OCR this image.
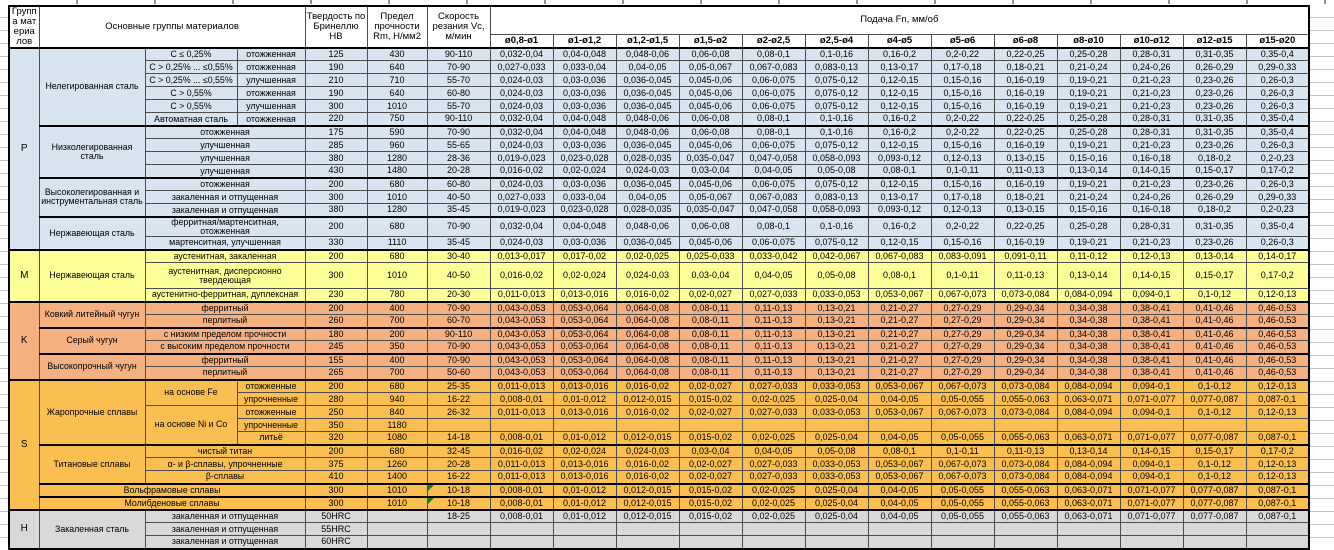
Группа материалов	Основные группы материалов			Твердость по Бринеллю HB	Предел прочности Rm, Н/мм2	Скорость резания Vc, м/мин	Подача Fn, мм/об												
							ø0,8-ø1	ø1-ø1,2	ø1,2-ø1,5	ø1,5-ø2	ø2-ø2,5	ø2,5-ø4	ø4-ø5	ø5-ø6	ø6-ø8	ø8-ø10	ø10-ø12	ø12-ø15	ø15-ø20
P	Нелегированная сталь	C ≤ 0,25%	отожженная	125	430	90-110	0,032-0,04	0,04-0,048	0,048-0,06	0,06-0,08	0,08-0,1	0,1-0,16	0,16-0,2	0,2-0,22	0,22-0,25	0,25-0,28	0,28-0,31	0,31-0,35	0,35-0,4
		C > 0,25% ... ≤0,55%	отожженная	190	640	70-90	0,027-0,033	0,033-0,04	0,04-0,05	0,05-0,067	0,067-0,083	0,083-0,13	0,13-0,17	0,17-0,18	0,18-0,21	0,21-0,24	0,24-0,26	0,26-0,29	0,29-0,33
		C > 0,25% ... ≤0,55%	улучшенная	210	710	55-70	0,024-0,03	0,03-0,036	0,036-0,045	0,045-0,06	0,06-0,075	0,075-0,12	0,12-0,15	0,15-0,16	0,16-0,19	0,19-0,21	0,21-0,23	0,23-0,26	0,26-0,3
		C > 0,55%	отожженная	190	640	60-80	0,024-0,03	0,03-0,036	0,036-0,045	0,045-0,06	0,06-0,075	0,075-0,12	0,12-0,15	0,15-0,16	0,16-0,19	0,19-0,21	0,21-0,23	0,23-0,26	0,26-0,3
		C > 0,55%	улучшенная	300	1010	55-70	0,024-0,03	0,03-0,036	0,036-0,045	0,045-0,06	0,06-0,075	0,075-0,12	0,12-0,15	0,15-0,16	0,16-0,19	0,19-0,21	0,21-0,23	0,23-0,26	0,26-0,3
		Автоматная сталь	отожженная	220	750	90-110	0,032-0,04	0,04-0,048	0,048-0,06	0,06-0,08	0,08-0,1	0,1-0,16	0,16-0,2	0,2-0,22	0,22-0,25	0,25-0,28	0,28-0,31	0,31-0,35	0,35-0,4
	Низколегированная сталь	отожженная		175	590	70-90	0,032-0,04	0,04-0,048	0,048-0,06	0,06-0,08	0,08-0,1	0,1-0,16	0,16-0,2	0,2-0,22	0,22-0,25	0,25-0,28	0,28-0,31	0,31-0,35	0,35-0,4
		улучшенная		285	960	55-65	0,024-0,03	0,03-0,036	0,036-0,045	0,045-0,06	0,06-0,075	0,075-0,12	0,12-0,15	0,15-0,16	0,16-0,19	0,19-0,21	0,21-0,23	0,23-0,26	0,26-0,3
		улучшенная		380	1280	28-36	0,019-0,023	0,023-0,028	0,028-0,035	0,035-0,047	0,047-0,058	0,058-0,093	0,093-0,12	0,12-0,13	0,13-0,15	0,15-0,16	0,16-0,18	0,18-0,2	0,2-0,23
		улучшенная		430	1480	20-28	0,016-0,02	0,02-0,024	0,024-0,03	0,03-0,04	0,04-0,05	0,05-0,08	0,08-0,1	0,1-0,11	0,11-0,13	0,13-0,14	0,14-0,15	0,15-0,17	0,17-0,2
	Высоколегированная и инструментальная сталь	отожженная		200	680	60-80	0,024-0,03	0,03-0,036	0,036-0,045	0,045-0,06	0,06-0,075	0,075-0,12	0,12-0,15	0,15-0,16	0,16-0,19	0,19-0,21	0,21-0,23	0,23-0,26	0,26-0,3
		закаленная и отпущенная		300	1010	40-50	0,027-0,033	0,033-0,04	0,04-0,05	0,05-0,067	0,067-0,083	0,083-0,13	0,13-0,17	0,17-0,18	0,18-0,21	0,21-0,24	0,24-0,26	0,26-0,29	0,29-0,33
		закаленная и отпущенная		380	1280	35-45	0,019-0,023	0,023-0,028	0,028-0,035	0,035-0,047	0,047-0,058	0,058-0,093	0,093-0,12	0,12-0,13	0,13-0,15	0,15-0,16	0,16-0,18	0,18-0,2	0,2-0,23
	Нержавеющая сталь	ферритная/мартенситная, отожженная		200	680	70-90	0,032-0,04	0,04-0,048	0,048-0,06	0,06-0,08	0,08-0,1	0,1-0,16	0,16-0,2	0,2-0,22	0,22-0,25	0,25-0,28	0,28-0,31	0,31-0,35	0,35-0,4
		мартенситная, улучшенная		330	1110	35-45	0,024-0,03	0,03-0,036	0,036-0,045	0,045-0,06	0,06-0,075	0,075-0,12	0,12-0,15	0,15-0,16	0,16-0,19	0,19-0,21	0,21-0,23	0,23-0,26	0,26-0,3
M	Нержавеющая сталь	аустенитная, закаленная		200	680	30-40	0,013-0,017	0,017-0,02	0,02-0,025	0,025-0,033	0,033-0,042	0,042-0,067	0,067-0,083	0,083-0,091	0,091-0,11	0,11-0,12	0,12-0,13	0,13-0,14	0,14-0,17
		аустенитная, дисперсионно твердеющая		300	1010	40-50	0,016-0,02	0,02-0,024	0,024-0,03	0,03-0,04	0,04-0,05	0,05-0,08	0,08-0,1	0,1-0,11	0,11-0,13	0,13-0,14	0,14-0,15	0,15-0,17	0,17-0,2
		аустенитно-ферритная, дуплексная		230	780	20-30	0,011-0,013	0,013-0,016	0,016-0,02	0,02-0,027	0,027-0,033	0,033-0,053	0,053-0,067	0,067-0,073	0,073-0,084	0,084-0,094	0,094-0,1	0,1-0,12	0,12-0,13
K	Ковкий литейный чугун	ферритный		200	400	70-90	0,043-0,053	0,053-0,064	0,064-0,08	0,08-0,11	0,11-0,13	0,13-0,21	0,21-0,27	0,27-0,29	0,29-0,34	0,34-0,38	0,38-0,41	0,41-0,46	0,46-0,53
		перлитный		260	700	60-70	0,043-0,053	0,053-0,064	0,064-0,08	0,08-0,11	0,11-0,13	0,13-0,21	0,21-0,27	0,27-0,29	0,29-0,34	0,34-0,38	0,38-0,41	0,41-0,46	0,46-0,53
	Серый чугун	с низким пределом прочности		180	200	90-110	0,043-0,053	0,053-0,064	0,064-0,08	0,08-0,11	0,11-0,13	0,13-0,21	0,21-0,27	0,27-0,29	0,29-0,34	0,34-0,38	0,38-0,41	0,41-0,46	0,46-0,53
		с высоким пределом прочности		245	350	70-90	0,043-0,053	0,053-0,064	0,064-0,08	0,08-0,11	0,11-0,13	0,13-0,21	0,21-0,27	0,27-0,29	0,29-0,34	0,34-0,38	0,38-0,41	0,41-0,46	0,46-0,53
	Высокопрочный чугун	ферритный		155	400	70-90	0,043-0,053	0,053-0,064	0,064-0,08	0,08-0,11	0,11-0,13	0,13-0,21	0,21-0,27	0,27-0,29	0,29-0,34	0,34-0,38	0,38-0,41	0,41-0,46	0,46-0,53
		перлитный		265	700	50-60	0,043-0,053	0,053-0,064	0,064-0,08	0,08-0,11	0,11-0,13	0,13-0,21	0,21-0,27	0,27-0,29	0,29-0,34	0,34-0,38	0,38-0,41	0,41-0,46	0,46-0,53
S	Жаропрочные сплавы	на основе Fe	отожженные	200	680	25-35	0,011-0,013	0,013-0,016	0,016-0,02	0,02-0,027	0,027-0,033	0,033-0,053	0,053-0,067	0,067-0,073	0,073-0,084	0,084-0,094	0,094-0,1	0,1-0,12	0,12-0,13
			упрочненные	280	940	16-22	0,008-0,01	0,01-0,012	0,012-0,015	0,015-0,02	0,02-0,025	0,025-0,04	0,04-0,05	0,05-0,055	0,055-0,063	0,063-0,071	0,071-0,077	0,077-0,087	0,087-0,1
		на основе Ni и Co	отожженные	250	840	26-32	0,011-0,013	0,013-0,016	0,016-0,02	0,02-0,027	0,027-0,033	0,033-0,053	0,053-0,067	0,067-0,073	0,073-0,084	0,084-0,094	0,094-0,1	0,1-0,12	0,12-0,13
			упрочненные	350	1180														
			литьё	320	1080	14-18	0,008-0,01	0,01-0,012	0,012-0,015	0,015-0,02	0,02-0,025	0,025-0,04	0,04-0,05	0,05-0,055	0,055-0,063	0,063-0,071	0,071-0,077	0,077-0,087	0,087-0,1
	Титановые сплавы	чистый титан		200	680	32-45	0,016-0,02	0,02-0,024	0,024-0,03	0,03-0,04	0,04-0,05	0,05-0,08	0,08-0,1	0,1-0,11	0,11-0,13	0,13-0,14	0,14-0,15	0,15-0,17	0,17-0,2
		α- и β-сплавы, упрочненные		375	1260	20-28	0,011-0,013	0,013-0,016	0,016-0,02	0,02-0,027	0,027-0,033	0,033-0,053	0,053-0,067	0,067-0,073	0,073-0,084	0,084-0,094	0,094-0,1	0,1-0,12	0,12-0,13
		β-сплавы		410	1400	16-22	0,011-0,013	0,013-0,016	0,016-0,02	0,02-0,027	0,027-0,033	0,033-0,053	0,053-0,067	0,067-0,073	0,073-0,084	0,084-0,094	0,094-0,1	0,1-0,12	0,12-0,13
	Вольфрамовые сплавы			300	1010	10-18	0,008-0,01	0,01-0,012	0,012-0,015	0,015-0,02	0,02-0,025	0,025-0,04	0,04-0,05	0,05-0,055	0,055-0,063	0,063-0,071	0,071-0,077	0,077-0,087	0,087-0,1
	Молибденовые сплавы			300	1010	10-18	0,008-0,01	0,01-0,012	0,012-0,015	0,015-0,02	0,02-0,025	0,025-0,04	0,04-0,05	0,05-0,055	0,055-0,063	0,063-0,071	0,071-0,077	0,077-0,087	0,087-0,1
H	Закаленная сталь	закаленная и отпущенная		50HRC		18-25	0,008-0,01	0,01-0,012	0,012-0,015	0,015-0,02	0,02-0,025	0,025-0,04	0,04-0,05	0,05-0,055	0,055-0,063	0,063-0,071	0,071-0,077	0,077-0,087	0,087-0,1
		закаленная и отпущенная		55HRC															
		закаленная и отпущенная		60HRC															
